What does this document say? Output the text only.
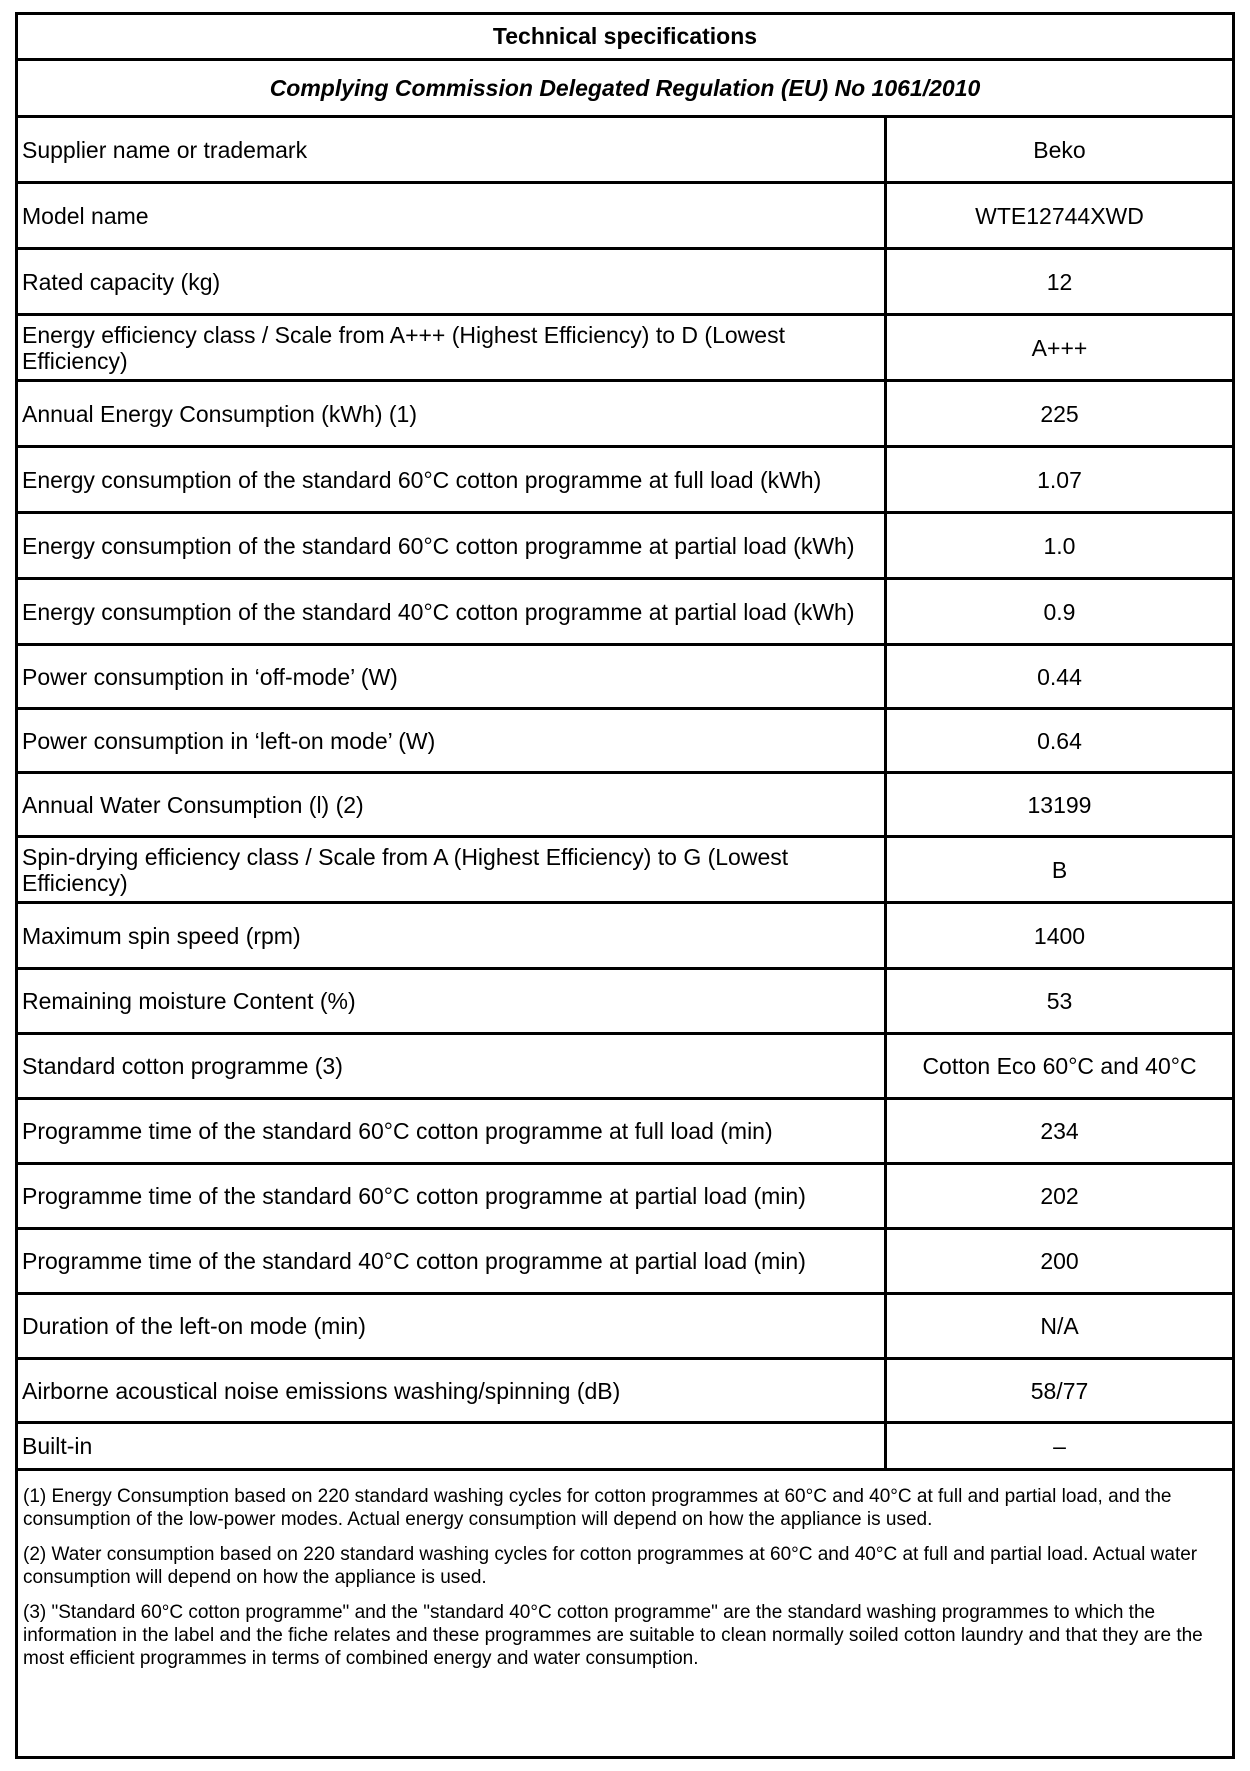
Technical specifications
Complying Commission Delegated Regulation (EU) No 1061/2010
Supplier name or trademark	Beko
Model name	WTE12744XWD
Rated capacity (kg)	12
Energy efficiency class / Scale from A+++ (Highest Efficiency) to D (Lowest Efficiency)	A+++
Annual Energy Consumption (kWh) (1)	225
Energy consumption of the standard 60°C cotton programme at full load (kWh)	1.07
Energy consumption of the standard 60°C cotton programme at partial load (kWh)	1.0
Energy consumption of the standard 40°C cotton programme at partial load (kWh)	0.9
Power consumption in ‘off-mode’ (W)	0.44
Power consumption in ‘left-on mode’ (W)	0.64
Annual Water Consumption (l) (2)	13199
Spin-drying efficiency class / Scale from A (Highest Efficiency) to G (Lowest Efficiency)	B
Maximum spin speed (rpm)	1400
Remaining moisture Content (%)	53
Standard cotton programme (3)	Cotton Eco 60°C and 40°C
Programme time of the standard 60°C cotton programme at full load (min)	234
Programme time of the standard 60°C cotton programme at partial load (min)	202
Programme time of the standard 40°C cotton programme at partial load (min)	200
Duration of the left-on mode (min)	N/A
Airborne acoustical noise emissions washing/spinning (dB)	58/77
Built-in	–

(1) Energy Consumption based on 220 standard washing cycles for cotton programmes at 60°C and 40°C at full and partial load, and the consumption of the low-power modes. Actual energy consumption will depend on how the appliance is used.

(2) Water consumption based on 220 standard washing cycles for cotton programmes at 60°C and 40°C at full and partial load. Actual water consumption will depend on how the appliance is used.

(3) "Standard 60°C cotton programme" and the "standard 40°C cotton programme" are the standard washing programmes to which the information in the label and the fiche relates and these programmes are suitable to clean normally soiled cotton laundry and that they are the most efficient programmes in terms of combined energy and water consumption.
